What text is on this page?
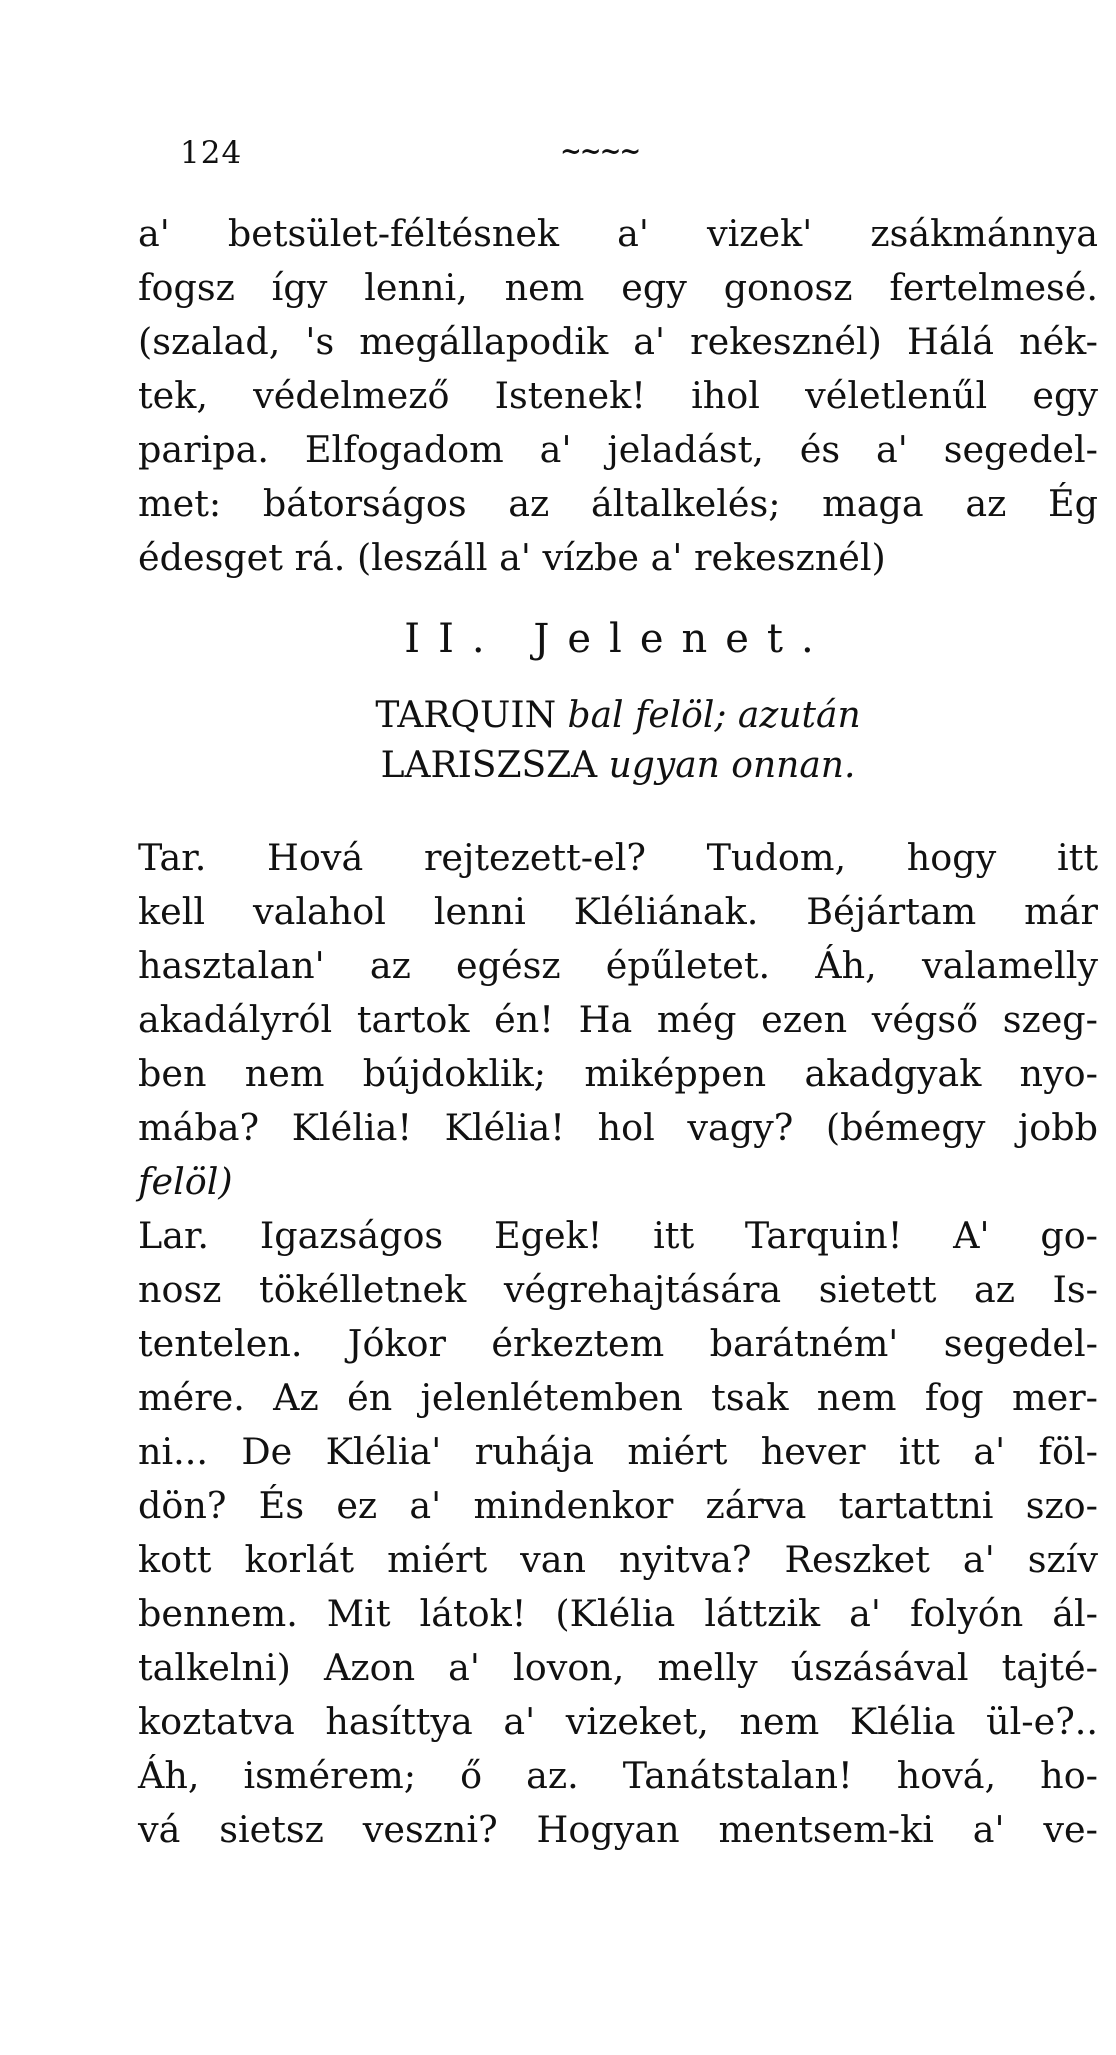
124	~~~~
a' betsület-féltésnek a' vizek' zsákmánnya
fogsz így lenni, nem egy gonosz fertelmesé.
(szalad, 's megállapodik a' rekesznél) Hálá nék-
tek, védelmező Istenek! ihol véletlenűl egy
paripa. Elfogadom a' jeladást, és a' segedel-
met: bátorságos az általkelés; maga az Ég
édesget rá. (leszáll a' vízbe a' rekesznél)
II. Jelenet.
TARQUIN bal felöl; azután
LARISZSZA ugyan onnan.
Tar. Hová rejtezett-el? Tudom, hogy itt
kell valahol lenni Kléliának. Béjártam már
hasztalan' az egész épűletet. Áh, valamelly
akadályról tartok én! Ha még ezen végső szeg-
ben nem bújdoklik; miképpen akadgyak nyo-
mába? Klélia! Klélia! hol vagy? (bémegy jobb
felöl)
Lar. Igazságos Egek! itt Tarquin! A' go-
nosz tökélletnek végrehajtására sietett az Is-
tentelen. Jókor érkeztem barátném' segedel-
mére. Az én jelenlétemben tsak nem fog mer-
ni... De Klélia' ruhája miért hever itt a' föl-
dön? És ez a' mindenkor zárva tartattni szo-
kott korlát miért van nyitva? Reszket a' szív
bennem. Mit látok! (Klélia láttzik a' folyón ál-
talkelni) Azon a' lovon, melly úszásával tajté-
koztatva hasíttya a' vizeket, nem Klélia ül-e?..
Áh, ismérem; ő az. Tanátstalan! hová, ho-
vá sietsz veszni? Hogyan mentsem-ki a' ve-
